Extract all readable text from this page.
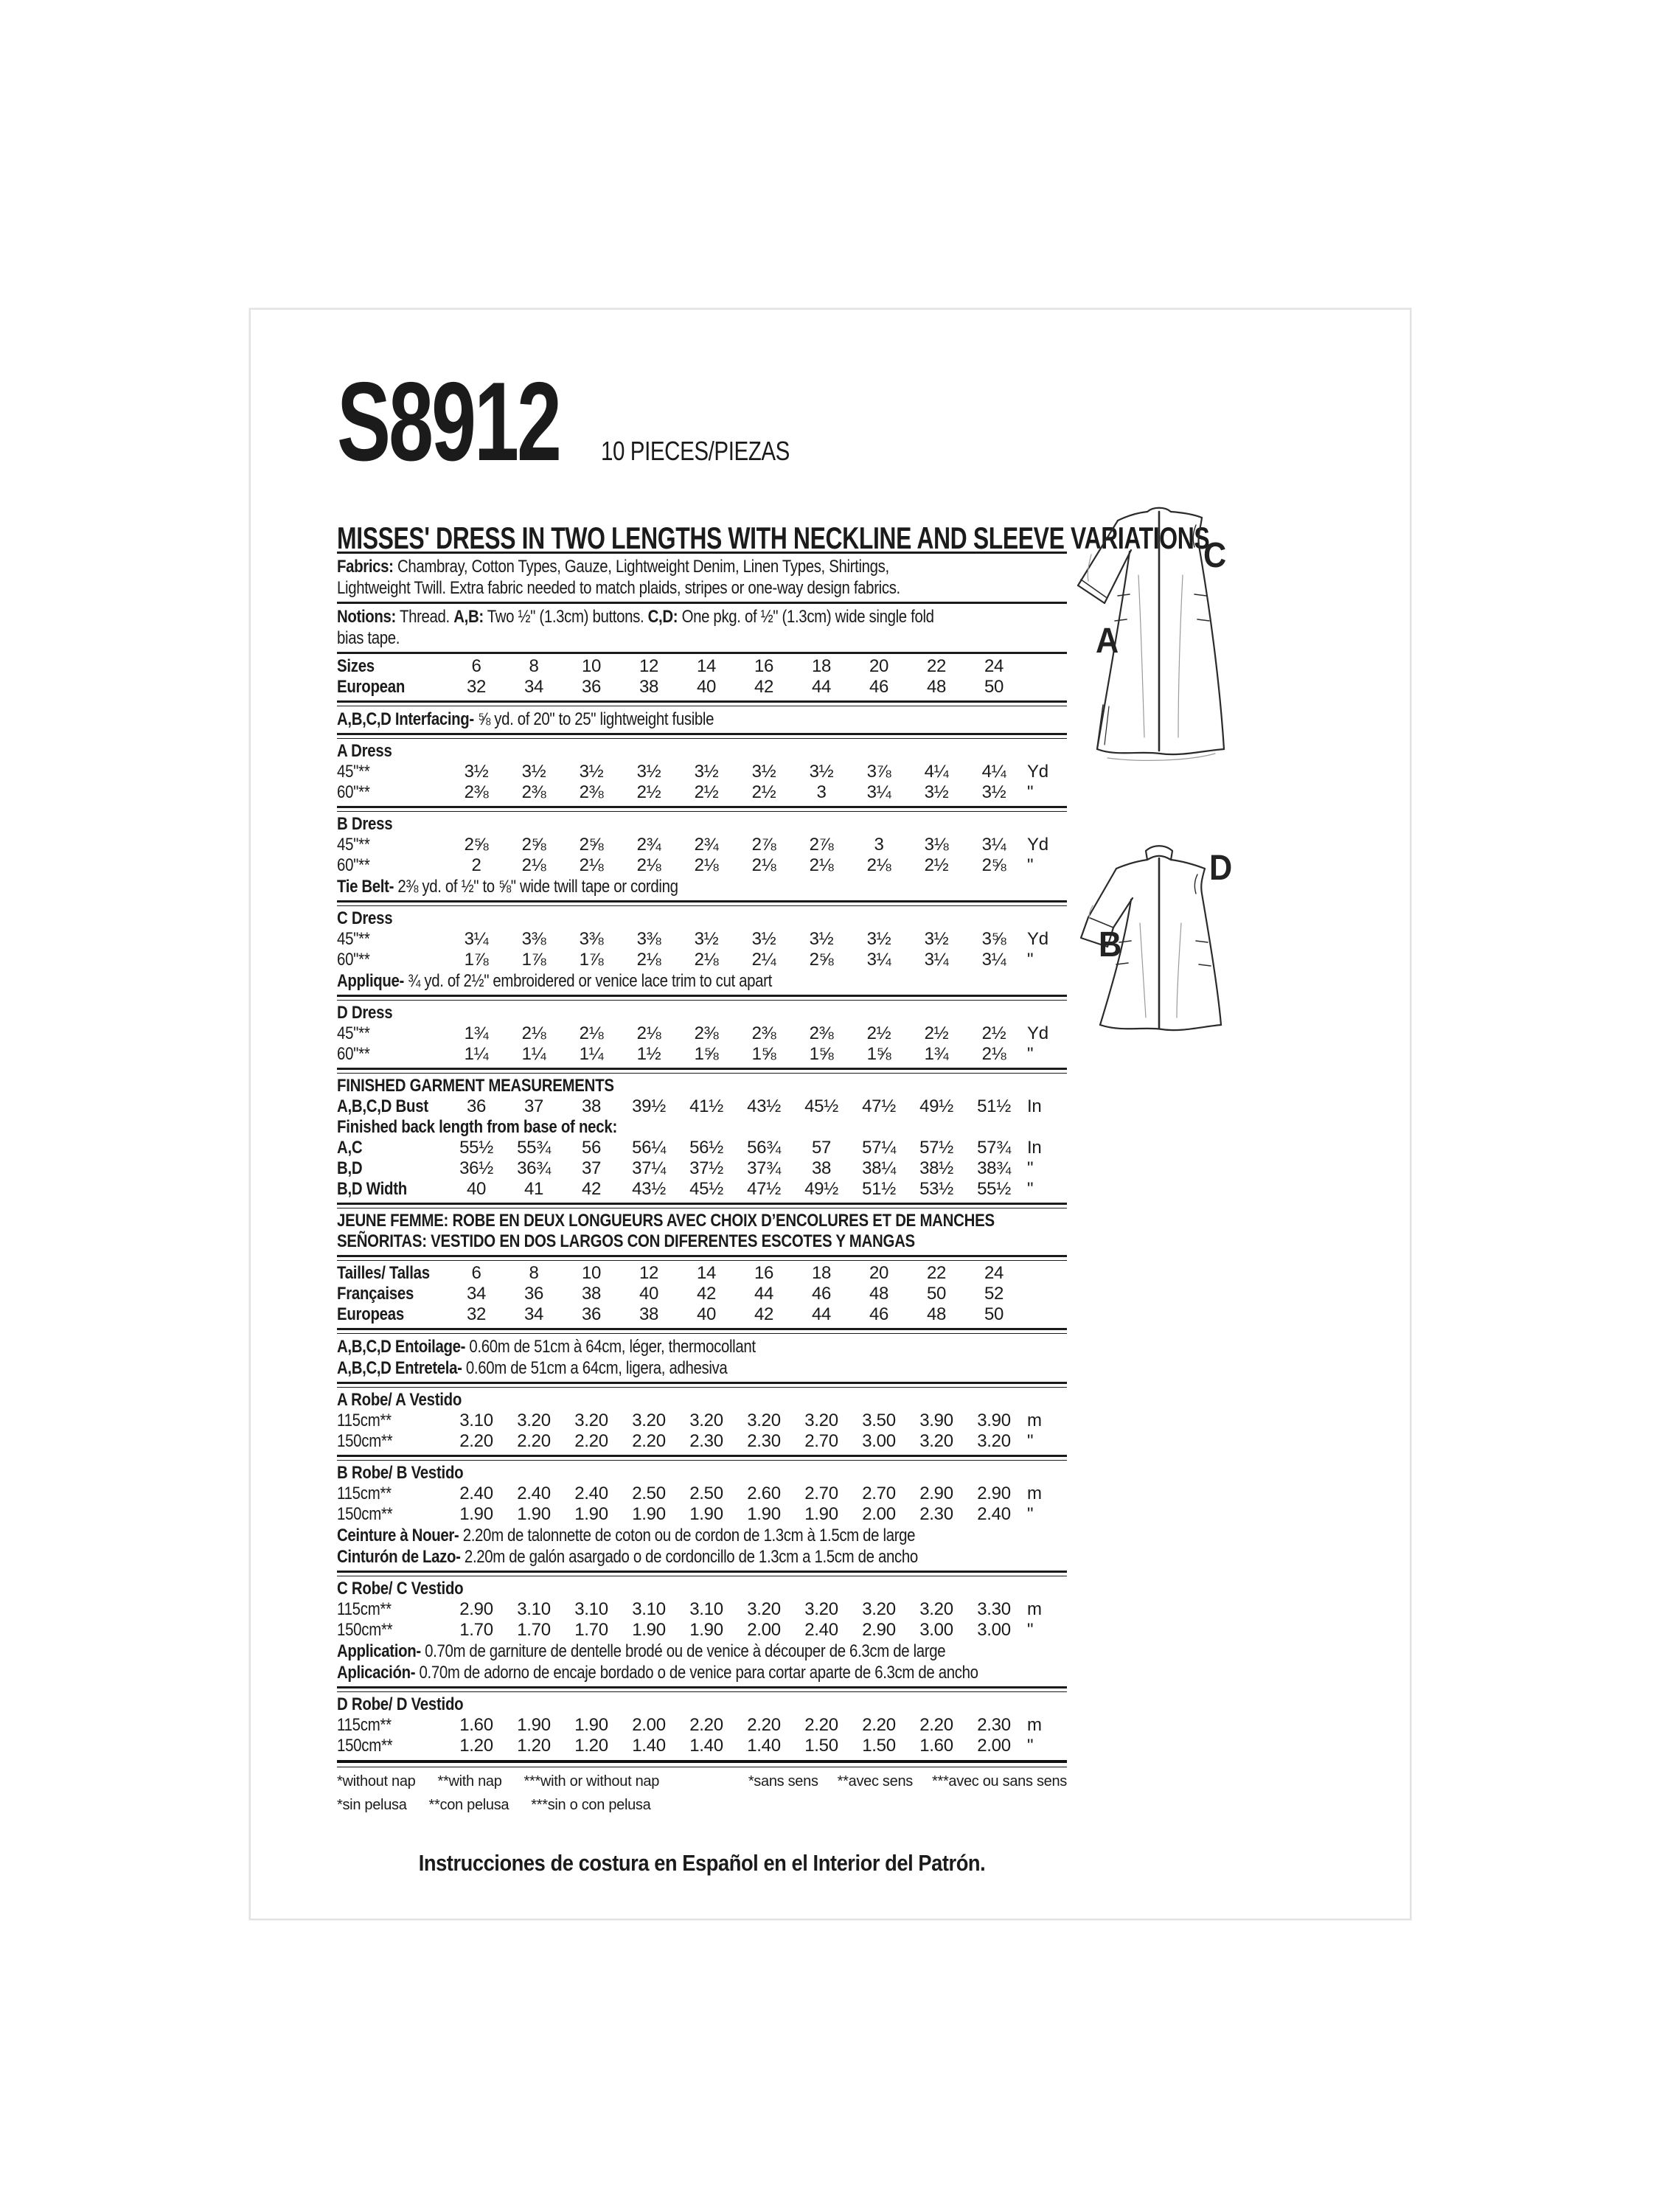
S8912 10 PIECES/PIEZAS
MISSES' DRESS IN TWO LENGTHS WITH NECKLINE AND SLEEVE VARIATIONS
Fabrics: Chambray, Cotton Types, Gauze, Lightweight Denim, Linen Types, Shirtings,
Lightweight Twill. Extra fabric needed to match plaids, stripes or one-way design fabrics.
Notions: Thread. A,B: Two ½" (1.3cm) buttons. C,D: One pkg. of ½" (1.3cm) wide single fold
bias tape.
Sizes	6	8	10	12	14	16	18	20	22	24
European	32	34	36	38	40	42	44	46	48	50
A,B,C,D Interfacing- ⅝ yd. of 20" to 25" lightweight fusible
A Dress
45"**	3½	3½	3½	3½	3½	3½	3½	3⅞	4¼	4¼	Yd
60"**	2⅜	2⅜	2⅜	2½	2½	2½	3	3¼	3½	3½	"
B Dress
45"**	2⅝	2⅝	2⅝	2¾	2¾	2⅞	2⅞	3	3⅛	3¼	Yd
60"**	2	2⅛	2⅛	2⅛	2⅛	2⅛	2⅛	2⅛	2½	2⅝	"
Tie Belt- 2⅜ yd. of ½" to ⅝" wide twill tape or cording
C Dress
45"**	3¼	3⅜	3⅜	3⅜	3½	3½	3½	3½	3½	3⅝	Yd
60"**	1⅞	1⅞	1⅞	2⅛	2⅛	2¼	2⅝	3¼	3¼	3¼	"
Applique- ¾ yd. of 2½" embroidered or venice lace trim to cut apart
D Dress
45"**	1¾	2⅛	2⅛	2⅛	2⅜	2⅜	2⅜	2½	2½	2½	Yd
60"**	1¼	1¼	1¼	1½	1⅝	1⅝	1⅝	1⅝	1¾	2⅛	"
FINISHED GARMENT MEASUREMENTS
A,B,C,D Bust	36	37	38	39½	41½	43½	45½	47½	49½	51½ In
Finished back length from base of neck:
A,C	55½	55¾	56	56¼	56½	56¾	57	57¼	57½	57¾ In
B,D	36½	36¾	37	37¼	37½	37¾	38	38¼	38½	38¾ "
B,D Width	40	41	42	43½	45½	47½	49½	51½	53½	55½ "
JEUNE FEMME: ROBE EN DEUX LONGUEURS AVEC CHOIX D’ENCOLURES ET DE MANCHES
SEÑORITAS: VESTIDO EN DOS LARGOS CON DIFERENTES ESCOTES Y MANGAS
Tailles/ Tallas	6	8	10	12	14	16	18	20	22	24
Françaises	34	36	38	40	42	44	46	48	50	52
Europeas	32	34	36	38	40	42	44	46	48	50
A,B,C,D Entoilage- 0.60m de 51cm à 64cm, léger, thermocollant
A,B,C,D Entretela- 0.60m de 51cm a 64cm, ligera, adhesiva
A Robe/ A Vestido
115cm**	3.10	3.20	3.20	3.20	3.20	3.20	3.20	3.50	3.90	3.90 m
150cm**	2.20	2.20	2.20	2.20	2.30	2.30	2.70	3.00	3.20	3.20 "
B Robe/ B Vestido
115cm**	2.40	2.40	2.40	2.50	2.50	2.60	2.70	2.70	2.90	2.90 m
150cm**	1.90	1.90	1.90	1.90	1.90	1.90	1.90	2.00	2.30	2.40 "
Ceinture à Nouer- 2.20m de talonnette de coton ou de cordon de 1.3cm à 1.5cm de large
Cinturón de Lazo- 2.20m de galón asargado o de cordoncillo de 1.3cm a 1.5cm de ancho
C Robe/ C Vestido
115cm**	2.90	3.10	3.10	3.10	3.10	3.20	3.20	3.20	3.20	3.30 m
150cm**	1.70	1.70	1.70	1.90	1.90	2.00	2.40	2.90	3.00	3.00 "
Application- 0.70m de garniture de dentelle brodé ou de venice à découper de 6.3cm de large
Aplicación- 0.70m de adorno de encaje bordado o de venice para cortar aparte de 6.3cm de ancho
D Robe/ D Vestido
115cm**	1.60	1.90	1.90	2.00	2.20	2.20	2.20	2.20	2.20	2.30 m
150cm**	1.20	1.20	1.20	1.40	1.40	1.40	1.50	1.50	1.60	2.00 "
*without nap **with nap ***with or without nap	*sans sens **avec sens ***avec ou sans sens
*sin pelusa **con pelusa ***sin o con pelusa
Instrucciones de costura en Español en el Interior del Patrón.
C
A
D
B
